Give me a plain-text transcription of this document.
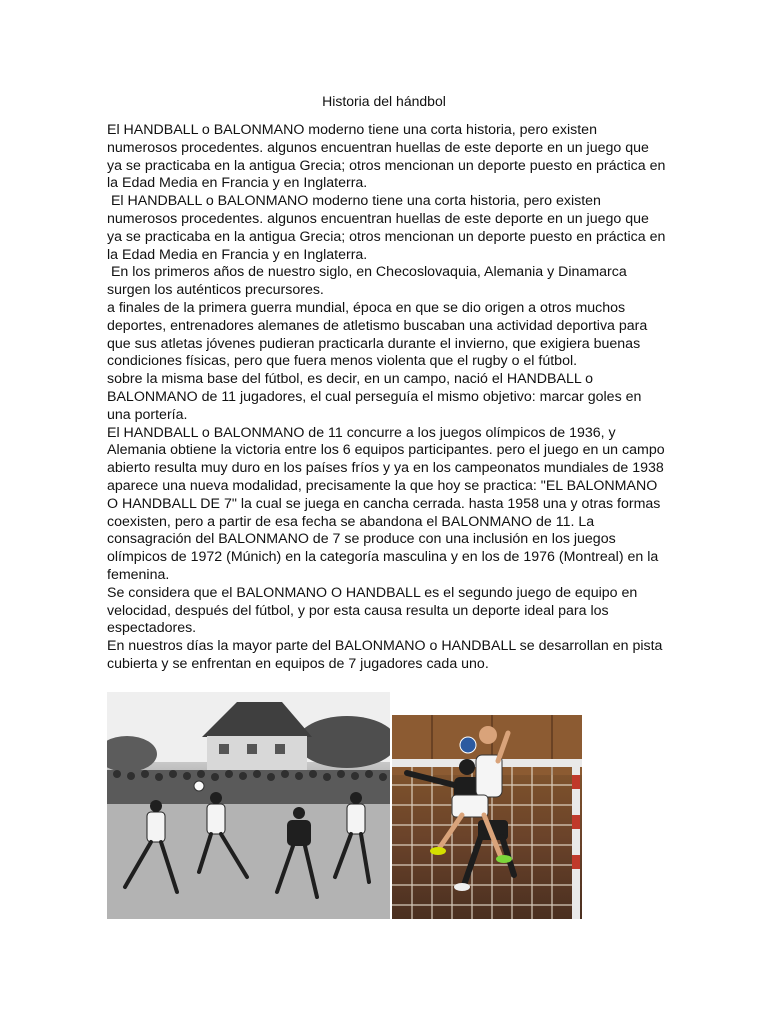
Historia del hándbol

El HANDBALL o BALONMANO moderno tiene una corta historia, pero existen numerosos procedentes. algunos encuentran huellas de este deporte en un juego que ya se practicaba en la antigua Grecia; otros mencionan un deporte puesto en práctica en la Edad Media en Francia y en Inglaterra.

El HANDBALL o BALONMANO moderno tiene una corta historia, pero existen numerosos procedentes. algunos encuentran huellas de este deporte en un juego que ya se practicaba en la antigua Grecia; otros mencionan un deporte puesto en práctica en la Edad Media en Francia y en Inglaterra.

En los primeros años de nuestro siglo, en Checoslovaquia, Alemania y Dinamarca surgen los auténticos precursores.

a finales de la primera guerra mundial, época en que se dio origen a otros muchos deportes, entrenadores alemanes de atletismo buscaban una actividad deportiva para que sus atletas jóvenes pudieran practicarla durante el invierno, que exigiera buenas condiciones físicas, pero que fuera menos violenta que el rugby o el fútbol.

sobre la misma base del fútbol, es decir, en un campo, nació el HANDBALL o BALONMANO de 11 jugadores, el cual perseguía el mismo objetivo: marcar goles en una portería.

El HANDBALL o BALONMANO de 11 concurre a los juegos olímpicos de 1936, y Alemania obtiene la victoria entre los 6 equipos participantes. pero el juego en un campo abierto resulta muy duro en los países fríos y ya en los campeonatos mundiales de 1938 aparece una nueva modalidad, precisamente la que hoy se practica: "EL BALONMANO O HANDBALL DE 7" la cual se juega en cancha cerrada. hasta 1958 una y otras formas coexisten, pero a partir de esa fecha se abandona el BALONMANO de 11. La consagración del BALONMANO de 7 se produce con una inclusión en los juegos olímpicos de 1972 (Múnich) en la categoría masculina y en los de 1976 (Montreal) en la femenina.

Se considera que el BALONMANO O HANDBALL es el segundo juego de equipo en velocidad, después del fútbol, y por esta causa resulta un deporte ideal para los espectadores.

En nuestros días la mayor parte del BALONMANO o HANDBALL se desarrollan en pista cubierta y se enfrentan en equipos de 7 jugadores cada uno.
